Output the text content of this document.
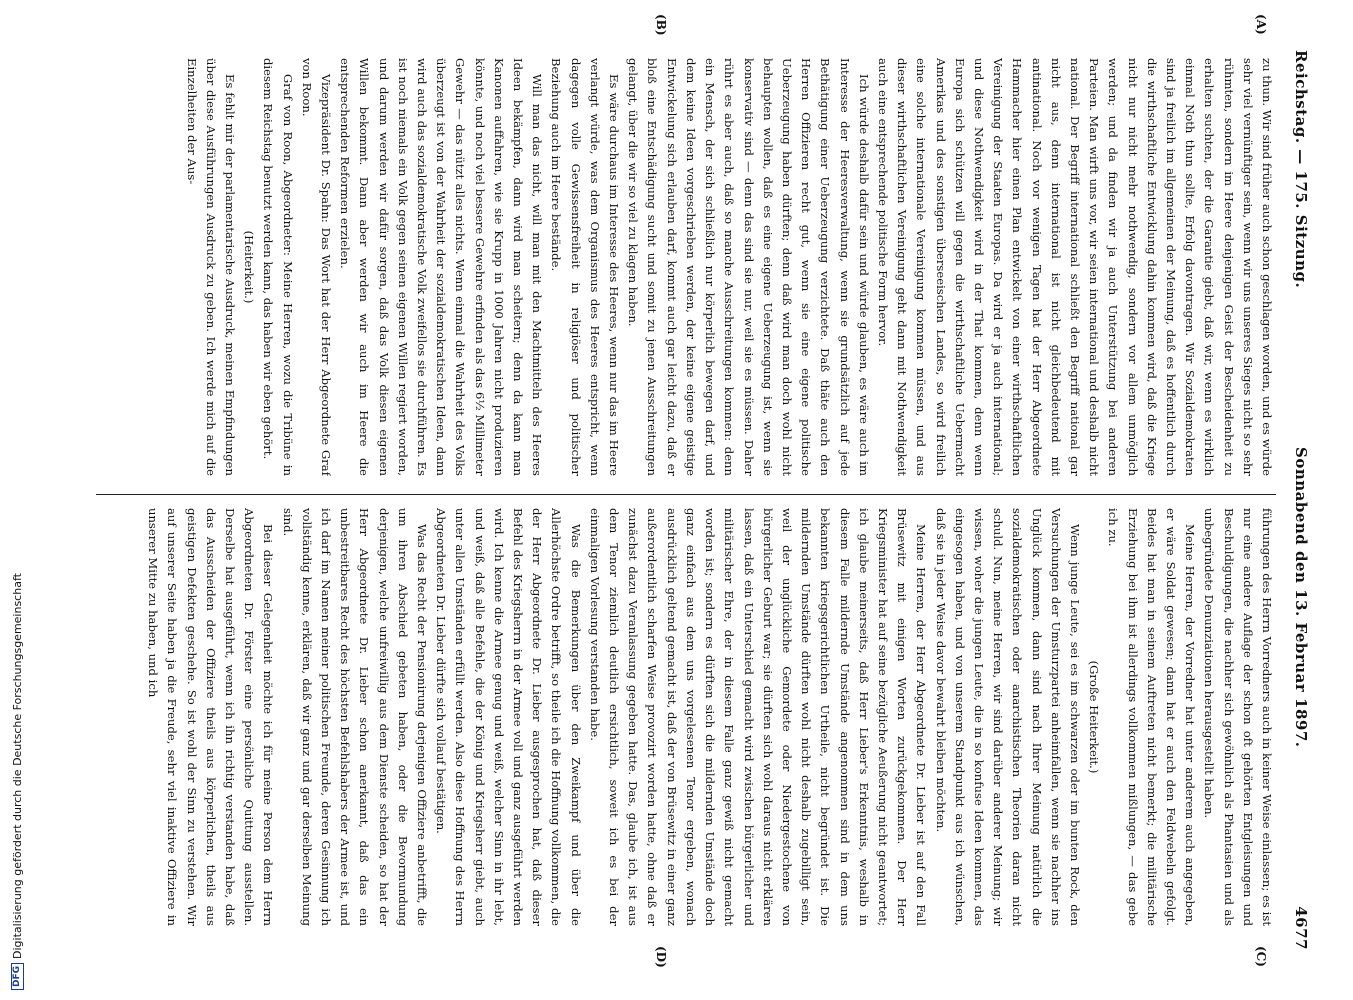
DFG
Digitalisierung gefördert durch die Deutsche Forschungsgemeinschaft
Reichstag. — 175. Sitzung.
Sonnabend den 13. Februar 1897.
4677
(A)
(B)
(C)
(D)

zu thun. Wir sind früher auch schon geschlagen worden, und es würde sehr viel vernünftiger sein, wenn wir uns unseres Sieges nicht so sehr rühmten, sondern im Heere denjenigen Geist der Bescheidenheit zu erhalten suchten, der die Garantie giebt, daß wir, wenn es wirklich einmal Noth thun sollte, Erfolg davontragen. Wir Sozialdemokraten sind ja freilich im allgemeinen der Meinung, daß es hoffentlich durch die wirthschaftliche Entwicklung dahin kommen wird, daß die Kriege nicht nur nicht mehr nothwendig, sondern vor allem unmöglich werden; und da finden wir ja auch Unterstützung bei anderen Parteien. Man wirft uns vor, wir seien international und deshalb nicht national. Der Begriff international schließt den Begriff national gar nicht aus, denn international ist nicht gleichbedeutend mit antinational. Noch vor wenigen Tagen hat der Herr Abgeordnete Hammacher hier einen Plan entwickelt von einer wirthschaftlichen Vereinigung der Staaten Europas. Da wird er ja auch international; und diese Nothwendigkeit wird in der That kommen, denn wenn Europa sich schützen will gegen die wirthschaftliche Uebermacht Amerikas und des sonstigen überseeischen Landes, so wird freilich eine solche internationale Vereinigung kommen müssen, und aus dieser wirthschaftlichen Vereinigung geht dann mit Nothwendigkeit auch eine entsprechende politische Form hervor.

Ich würde deshalb dafür sein und würde glauben, es wäre auch im Interesse der Heeresverwaltung, wenn sie grundsätzlich auf jede Bethätigung einer Ueberzeugung verzichtete. Daß thäte auch den Herren Offizieren recht gut, wenn sie eine eigene politische Ueberzeugung haben dürften; denn daß wird man doch wohl nicht behaupten wollen, daß es eine eigene Ueberzeugung ist, wenn sie konservativ sind — denn das sind sie nur, weil sie es müssen. Daher rührt es aber auch, daß so manche Ausschreitungen kommen: denn ein Mensch, der sich schließlich nur körperlich bewegen darf, und dem keine Ideen vorgeschrieben werden, der keine eigene geistige Entwickelung sich erlauben darf, kommt auch gar leicht dazu, daß er bloß eine Entschädigung sucht und somit zu jenen Ausschreitungen gelangt, über die wir so viel zu klagen haben.

Es wäre durchaus im Interesse des Heeres, wenn nur das im Heere verlangt würde, was dem Organismus des Heeres entspricht, wenn dagegen volle Gewissensfreiheit in religiöser und politischer Beziehung auch im Heere bestände.

Will man das nicht, will man mit den Machtmitteln des Heeres Ideen bekämpfen, dann wird man scheitern; denn da kann man Kanonen auffahren, wie sie Krupp in 1000 Jahren nicht produzieren könnte, und noch viel bessere Gewehre erfinden als das 6½ Millimeter Gewehr — das nützt alles nichts. Wenn einmal die Wahrheit des Volks überzeugt ist von der Wahrheit der sozialdemokratischen Ideen, dann wird auch das sozialdemokratische Volk zweifellos sie durchführen. Es ist noch niemals ein Volk gegen seinen eigenen Willen regiert worden, und darum werden wir dafür sorgen, daß das Volk diesen eigenen Willen bekommt. Dann aber werden wir auch im Heere die entsprechenden Reformen erzielen.

Vizepräsident Dr. Spahn: Das Wort hat der Herr Abgeordnete Graf von Roon.

Graf von Roon, Abgeordneter: Meine Herren, wozu die Tribüne in diesem Reichstag benutzt werden kann, das haben wir eben gehört.

(Heiterkeit.)

Es fehlt mir der parlamentarische Ausdruck, meinen Empfindungen über diese Ausführungen Ausdruck zu geben. Ich werde mich auf die Einzelheiten der Aus-

führungen des Herrn Vorredners auch in keiner Weise einlassen; es ist nur eine andere Auflage der schon oft gehörten Entgleisungen und Beschuldigungen, die nachher sich gewöhnlich als Phantasien und als unbegründete Denunziationen herausgestellt haben.

Meine Herren, der Vorredner hat unter anderem auch angegeben, er wäre Soldat gewesen; dann hat er auch den Feldwebeln gefolgt. Beides hat man in seinem Auftreten nicht bemerkt; die militärische Erziehung bei ihm ist allerdings vollkommen mißlungen, — das gebe ich zu.

(Große Heiterkeit.)

Wenn junge Leute, sei es im schwarzen oder im bunten Rock, den Versuchungen der Umsturzpartei anheimfallen, wenn sie nachher ins Unglück kommen, dann sind nach Ihrer Meinung natürlich die sozialdemokratischen oder anarchistischen Theorien daran nicht schuld. Nun, meine Herren, wir sind darüber anderer Meinung; wir wissen, woher die jungen Leute, die in so konfuse Ideen kommen, das eingesogen haben, und von unserem Standpunkt aus ich wünschen, daß sie in jeder Weise davor bewahrt bleiben möchten.

Meine Herren, der Herr Abgeordnete Dr. Lieber ist auf den Fall Brüsewitz mit einigen Worten zurückgekommen. Der Herr Kriegsminister hat auf seine bezügliche Aeußerung nicht geantwortet; ich glaube meinerseits, daß Herr Lieber's Erkenntnis, weshalb in diesem Falle mildernde Umstände angenommen sind in dem uns bekannten kriegsgerichtlichen Urtheile, nicht begründet ist. Die mildernden Umstände dürften wohl nicht deshalb zugebilligt sein, weil der unglückliche Gemordete oder Niedergestochene von bürgerlicher Geburt war; sie dürften sich wohl daraus nicht erklären lassen, daß ein Unterschied gemacht wird zwischen bürgerlicher und militärischer Ehre, der in diesem Falle ganz gewiß nicht gemacht worden ist; sondern es dürften sich die mildernden Umstände doch ganz einfach aus dem uns vorgelesenen Tenor ergeben, wonach ausdrücklich geltend gemacht ist, daß der von Brüsewitz in einer ganz außerordentlich scharfen Weise provozirt worden hatte, ohne daß er zunächst dazu Veranlassung gegeben hatte. Das, glaube ich, ist aus dem Tenor ziemlich deutlich ersichtlich, soweit ich es bei der einmaligen Vorlesung verstanden habe.

Was die Bemerkungen über den Zweikampf und über die Allerhöchste Ordre betrifft, so theile ich die Hoffnung vollkommen, die der Herr Abgeordnete Dr. Lieber ausgesprochen hat, daß dieser Befehl des Kriegsherrn in der Armee voll und ganz ausgeführt werden wird. Ich kenne die Armee genug und weiß, welcher Sinn in ihr lebt, und weiß, daß alle Befehle, die der König und Kriegsherr giebt, auch unter allen Umständen erfüllt werden. Also diese Hoffnung des Herrn Abgeordneten Dr. Lieber dürfte sich vollauf bestätigen.

Was das Recht der Pensionirung derjenigen Offiziere anbetrifft, die um ihren Abschied gebeten haben, oder die Bevormundung derjenigen, welche unfreiwillig aus dem Dienste scheiden, so hat der Herr Abgeordnete Dr. Lieber schon anerkannt, daß das ein unbestreitbares Recht des höchsten Befehlshabers der Armee ist, und ich darf im Namen meiner politischen Freunde, deren Gesinnung ich vollständig kenne, erklären, daß wir ganz und gar derselben Meinung sind.

Bei dieser Gelegenheit möchte ich für meine Person dem Herrn Abgeordneten Dr. Förster eine persönliche Quittung ausstellen. Derselbe hat ausgeführt, wenn ich ihn richtig verstanden habe, daß das Ausscheiden der Offiziere theils aus körperlichen, theils aus geistigen Defekten geschehe. So ist wohl der Sinn zu verstehen. Wir auf unserer Seite haben ja die Freude, sehr viel inaktive Offiziere in unserer Mitte zu haben, und ich
